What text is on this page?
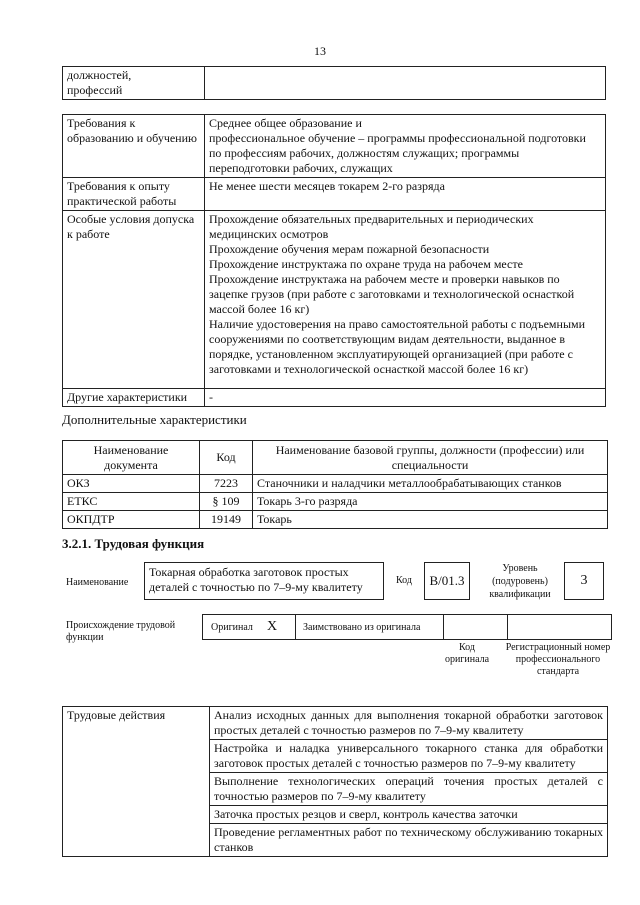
13
должностей,
профессий

Требования к образованию и обучению	Среднее общее образование и
профессиональное обучение – программы профессиональной подготовки по профессиям рабочих, должностям служащих; программы переподготовки рабочих, служащих
Требования к опыту практической работы	Не менее шести месяцев токарем 2-го разряда
Особые условия допуска к работе	Прохождение обязательных предварительных и периодических медицинских осмотров
Прохождение обучения мерам пожарной безопасности
Прохождение инструктажа по охране труда на рабочем месте
Прохождение инструктажа на рабочем месте и проверки навыков по зацепке грузов (при работе с заготовками и технологической оснасткой массой более 16 кг)
Наличие удостоверения на право самостоятельной работы с подъемными сооружениями по соответствующим видам деятельности, выданное в порядке, установленном эксплуатирующей организацией (при работе с заготовками и технологической оснасткой массой более 16 кг)
Другие характеристики	-
Дополнительные характеристики
Наименование документа	Код	Наименование базовой группы, должности (профессии) или специальности
ОКЗ	7223	Станочники и наладчики металлообрабатывающих станков
ЕТКС	§ 109	Токарь 3-го разряда
ОКПДТР	19149	Токарь
3.2.1. Трудовая функция
Наименование
Токарная обработка заготовок простых деталей с точностью по 7–9-му квалитету	Код	В/01.3
Уровень (подуровень) квалификации
3
Происхождение трудовой функции
Оригинал X	Заимствовано из оригинала
Код оригинала
Регистрационный номер профессионального стандарта
Трудовые действия	Анализ исходных данных для выполнения токарной обработки заготовок простых деталей с точностью размеров по 7–9-му квалитету
Настройка и наладка универсального токарного станка для обработки заготовок простых деталей с точностью размеров по 7–9-му квалитету
Выполнение технологических операций точения простых деталей с точностью размеров по 7–9-му квалитету
Заточка простых резцов и сверл, контроль качества заточки
Проведение регламентных работ по техническому обслуживанию токарных станков
